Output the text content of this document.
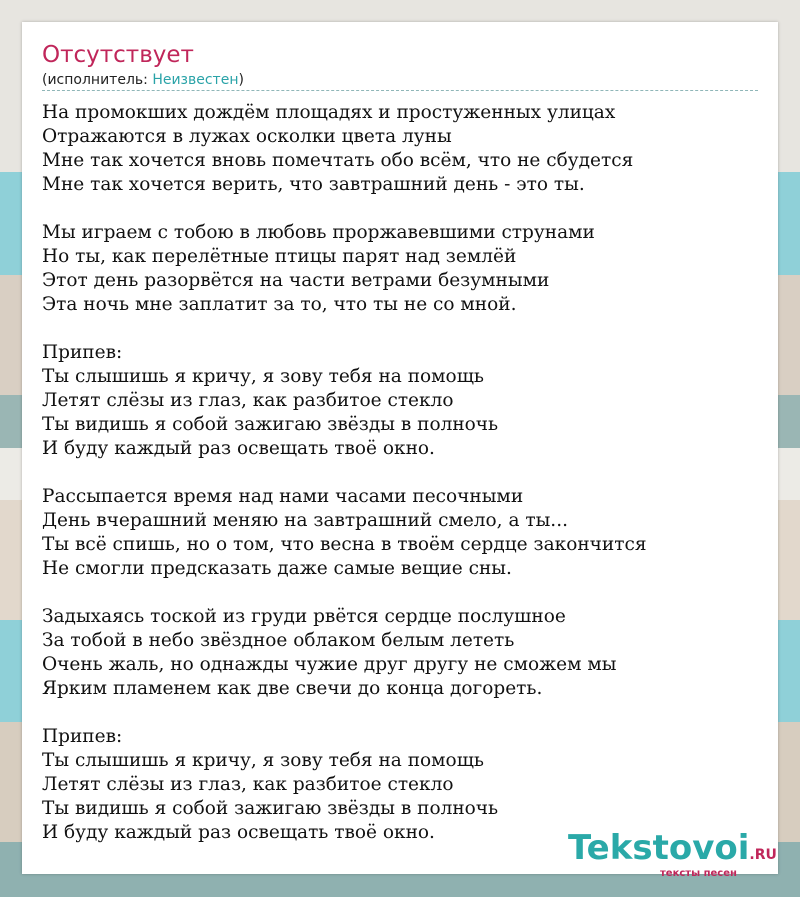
Отсутствует
(исполнитель: Неизвестен)
На промокших дождём площадях и простуженных улицах
Отражаются в лужах осколки цвета луны
Мне так хочется вновь помечтать обо всём, что не сбудется
Мне так хочется верить, что завтрашний день - это ты.
Мы играем с тобою в любовь проржавевшими струнами
Но ты, как перелётные птицы парят над землёй
Этот день разорвётся на части ветрами безумными
Эта ночь мне заплатит за то, что ты не со мной.
Припев:
Ты слышишь я кричу, я зову тебя на помощь
Летят слёзы из глаз, как разбитое стекло
Ты видишь я собой зажигаю звёзды в полночь
И буду каждый раз освещать твоё окно.
Рассыпается время над нами часами песочными
День вчерашний меняю на завтрашний смело, а ты...
Ты всё спишь, но о том, что весна в твоём сердце закончится
Не смогли предсказать даже самые вещие сны.
Задыхаясь тоской из груди рвётся сердце послушное
За тобой в небо звёздное облаком белым лететь
Очень жаль, но однажды чужие друг другу не сможем мы
Ярким пламенем как две свечи до конца догореть.
Припев:
Ты слышишь я кричу, я зову тебя на помощь
Летят слёзы из глаз, как разбитое стекло
Ты видишь я собой зажигаю звёзды в полночь
И буду каждый раз освещать твоё окно.	Tekstovoi.RU
тексты песен
